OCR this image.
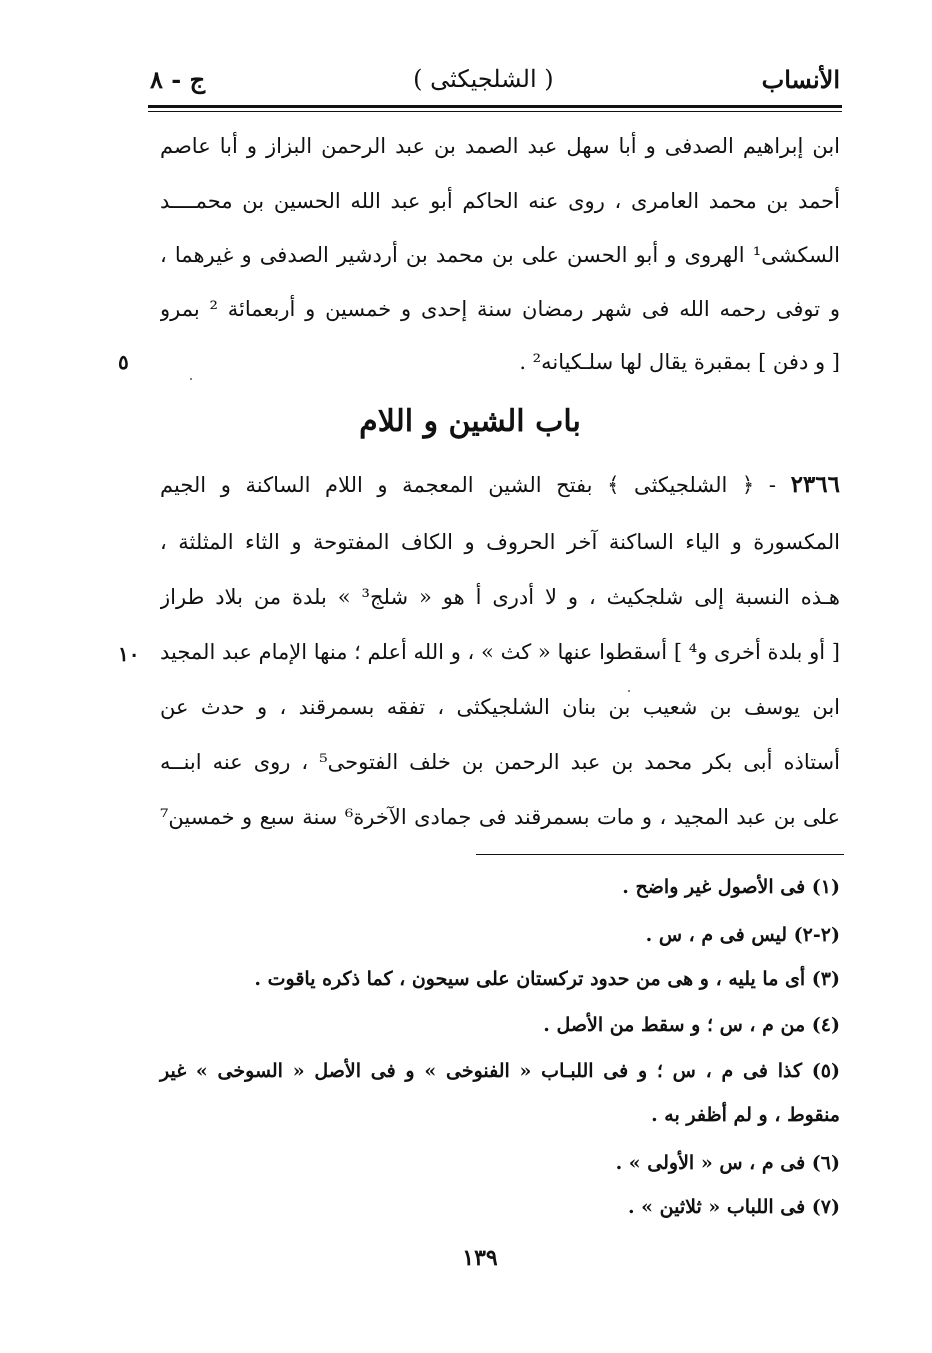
الأنساب
( الشلجيكثى )
ج - ٨
ابن إبراهيم الصدفى و أبا سهل عبد الصمد بن عبد الرحمن البزاز و أبا عاصم
أحمد بن محمد العامرى ، روى عنه الحاكم أبو عبد الله الحسين بن محمــــد
السكشى¹ الهروى و أبو الحسن على بن محمد بن أردشير الصدفى و غيرهما ،
و توفى رحمه الله فى شهر رمضان سنة إحدى و خمسين و أربعمائة ² بمرو
[ و دفن ] بمقبرة يقال لها سلـكيانه² .
٥
باب الشين و اللام
٢٣٦٦ - ﴿ الشلجيكثى ﴾ بفتح الشين المعجمة و اللام الساكنة و الجيم
المكسورة و الياء الساكنة آخر الحروف و الكاف المفتوحة و الثاء المثلثة ،
هـذه النسبة إلى شلجكيث ، و لا أدرى أ هو « شلج³ » بلدة من بلاد طراز
[ أو بلدة أخرى و⁴ ] أسقطوا عنها « كث » ، و الله أعلم ؛ منها الإمام عبد المجيد
١٠
ابن يوسف بن شعيب بن بنان الشلجيكثى ، تفقه بسمرقند ، و حدث عن
أستاذه أبى بكر محمد بن عبد الرحمن بن خلف الفتوحى⁵ ، روى عنه ابنــه
على بن عبد المجيد ، و مات بسمرقند فى جمادى الآخرة⁶ سنة سبع و خمسين⁷
(١) فى الأصول غير واضح .
(٢-٢) ليس فى م ، س .
(٣) أى ما يليه ، و هى من حدود تركستان على سيحون ، كما ذكره ياقوت .
(٤) من م ، س ؛ و سقط من الأصل .
(٥) كذا فى م ، س ؛ و فى اللبـاب « الفنوخى » و فى الأصل « السوخى » غير
منقوط ، و لم أظفر به .
(٦) فى م ، س « الأولى » .
(٧) فى اللباب « ثلاثين » .
١٣٩
